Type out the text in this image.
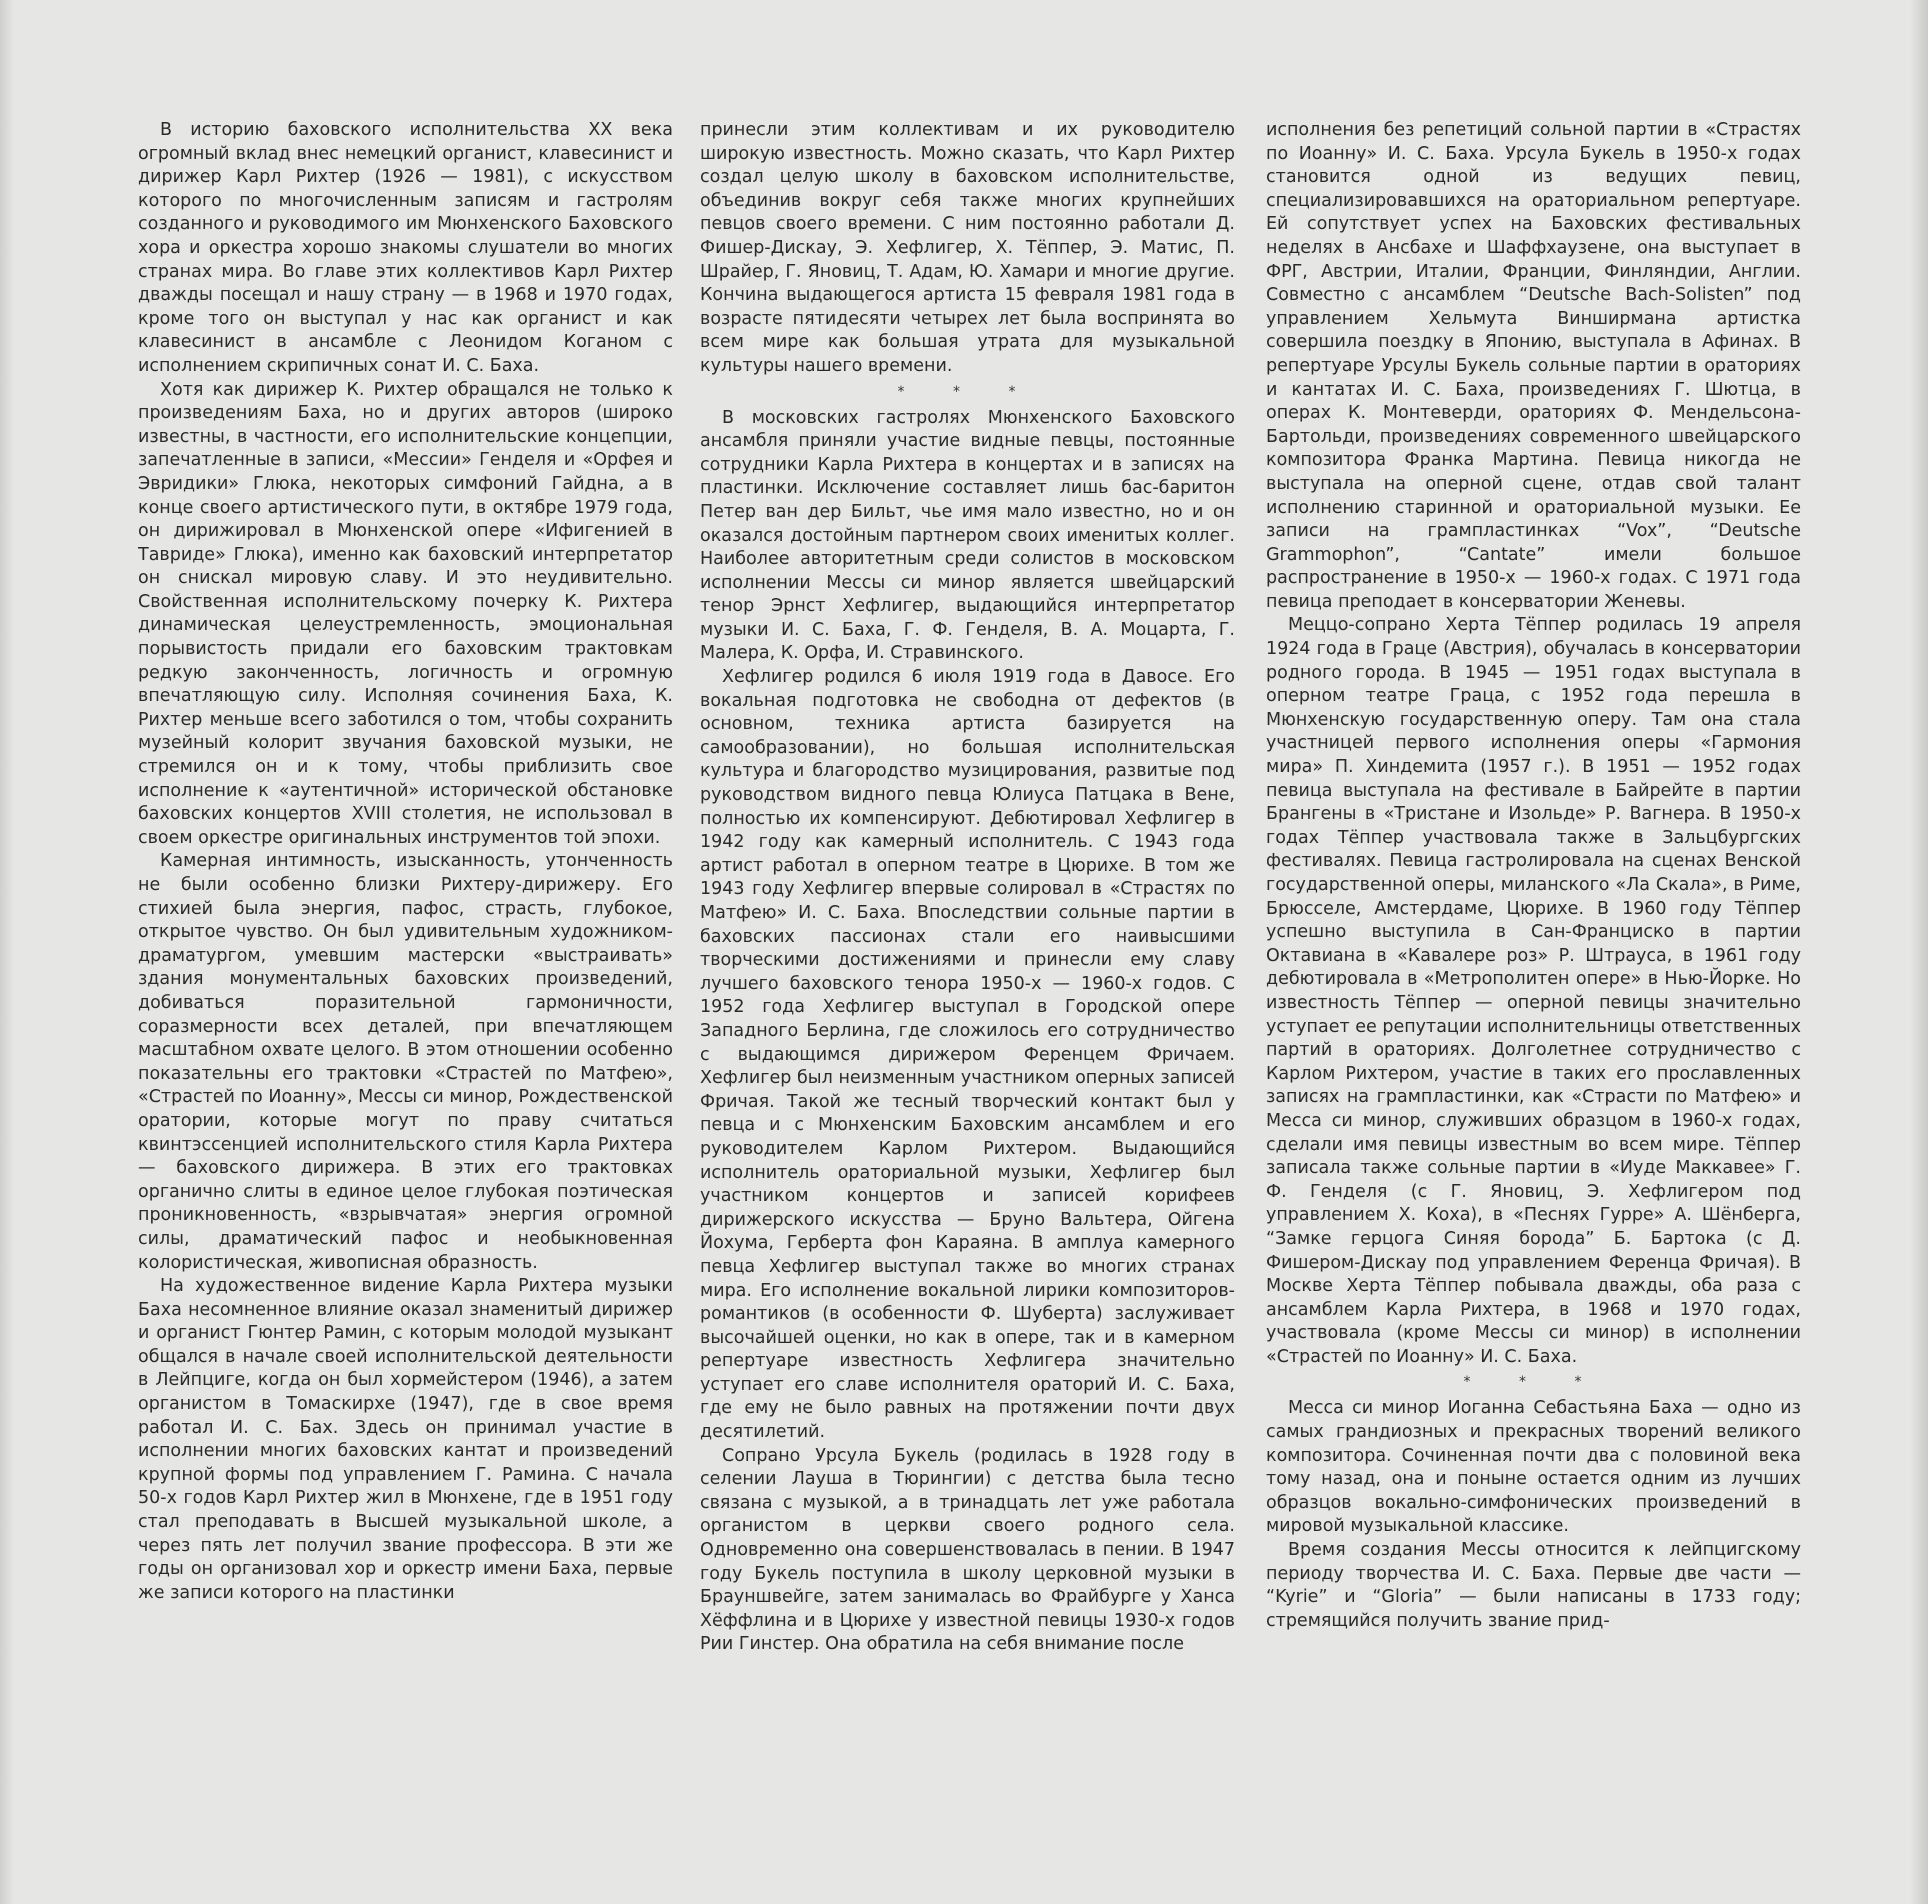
В историю баховского исполнительства XX века огромный вклад внес немецкий органист, клавесинист и дирижер Карл Рихтер (1926 — 1981), с искусством которого по многочисленным записям и гастролям созданного и руководимого им Мюнхенского Баховского хора и оркестра хорошо знакомы слушатели во многих странах мира. Во главе этих коллективов Карл Рихтер дважды посещал и нашу страну — в 1968 и 1970 годах, кроме того он выступал у нас как органист и как клавесинист в ансамбле с Леонидом Коганом с исполнением скрипичных сонат И. С. Баха.

Хотя как дирижер К. Рихтер обращался не только к произведениям Баха, но и других авторов (широко известны, в частности, его исполнительские концепции, запечатленные в записи, «Мессии» Генделя и «Орфея и Эвридики» Глюка, некоторых симфоний Гайдна, а в конце своего артистического пути, в октябре 1979 года, он дирижировал в Мюнхенской опере «Ифигенией в Тавриде» Глюка), именно как баховский интерпретатор он снискал мировую славу. И это неудивительно. Свойственная исполнительскому почерку К. Рихтера динамическая целеустремленность, эмоциональная порывистость придали его баховским трактовкам редкую законченность, логичность и огромную впечатляющую силу. Исполняя сочинения Баха, К. Рихтер меньше всего заботился о том, чтобы сохранить музейный колорит звучания баховской музыки, не стремился он и к тому, чтобы приблизить свое исполнение к «аутентичной» исторической обстановке баховских концертов XVIII столетия, не использовал в своем оркестре оригинальных инструментов той эпохи.

Камерная интимность, изысканность, утонченность не были особенно близки Рихтеру-дирижеру. Его стихией была энергия, пафос, страсть, глубокое, открытое чувство. Он был удивительным художником-драматургом, умевшим мастерски «выстраивать» здания монументальных баховских произведений, добиваться поразительной гармоничности, соразмерности всех деталей, при впечатляющем масштабном охвате целого. В этом отношении особенно показательны его трактовки «Страстей по Матфею», «Страстей по Иоанну», Мессы си минор, Рождественской оратории, которые могут по праву считаться квинтэссенцией исполнительского стиля Карла Рихтера — баховского дирижера. В этих его трактовках органично слиты в единое целое глубокая поэтическая проникновенность, «взрывчатая» энергия огромной силы, драматический пафос и необыкновенная колористическая, живописная образность.

На художественное видение Карла Рихтера музыки Баха несомненное влияние оказал знаменитый дирижер и органист Гюнтер Рамин, с которым молодой музыкант общался в начале своей исполнительской деятельности в Лейпциге, когда он был хормейстером (1946), а затем органистом в Томаскирхе (1947), где в свое время работал И. С. Бах. Здесь он принимал участие в исполнении многих баховских кантат и произведений крупной формы под управлением Г. Рамина. С начала 50-х годов Карл Рихтер жил в Мюнхене, где в 1951 году стал преподавать в Высшей музыкальной школе, а через пять лет получил звание профессора. В эти же годы он организовал хор и оркестр имени Баха, первые же записи которого на пластинки

принесли этим коллективам и их руководителю широкую известность. Можно сказать, что Карл Рихтер создал целую школу в баховском исполнительстве, объединив вокруг себя также многих крупнейших певцов своего времени. С ним постоянно работали Д. Фишер-Дискау, Э. Хефлигер, Х. Тёппер, Э. Матис, П. Шрайер, Г. Яновиц, Т. Адам, Ю. Хамари и многие другие. Кончина выдающегося артиста 15 февраля 1981 года в возрасте пятидесяти четырех лет была воспринята во всем мире как большая утрата для музыкальной культуры нашего времени.

* * *

В московских гастролях Мюнхенского Баховского ансамбля приняли участие видные певцы, постоянные сотрудники Карла Рихтера в концертах и в записях на пластинки. Исключение составляет лишь бас-баритон Петер ван дер Бильт, чье имя мало известно, но и он оказался достойным партнером своих именитых коллег. Наиболее авторитетным среди солистов в московском исполнении Мессы си минор является швейцарский тенор Эрнст Хефлигер, выдающийся интерпретатор музыки И. С. Баха, Г. Ф. Генделя, В. А. Моцарта, Г. Малера, К. Орфа, И. Стравинского.

Хефлигер родился 6 июля 1919 года в Давосе. Его вокальная подготовка не свободна от дефектов (в основном, техника артиста базируется на самообразовании), но большая исполнительская культура и благородство музицирования, развитые под руководством видного певца Юлиуса Патцака в Вене, полностью их компенсируют. Дебютировал Хефлигер в 1942 году как камерный исполнитель. С 1943 года артист работал в оперном театре в Цюрихе. В том же 1943 году Хефлигер впервые солировал в «Страстях по Матфею» И. С. Баха. Впоследствии сольные партии в баховских пассионах стали его наивысшими творческими достижениями и принесли ему славу лучшего баховского тенора 1950-х — 1960-х годов. С 1952 года Хефлигер выступал в Городской опере Западного Берлина, где сложилось его сотрудничество с выдающимся дирижером Ференцем Фричаем. Хефлигер был неизменным участником оперных записей Фричая. Такой же тесный творческий контакт был у певца и с Мюнхенским Баховским ансамблем и его руководителем Карлом Рихтером. Выдающийся исполнитель ораториальной музыки, Хефлигер был участником концертов и записей корифеев дирижерского искусства — Бруно Вальтера, Ойгена Йохума, Герберта фон Караяна. В амплуа камерного певца Хефлигер выступал также во многих странах мира. Его исполнение вокальной лирики композиторов-романтиков (в особенности Ф. Шуберта) заслуживает высочайшей оценки, но как в опере, так и в камерном репертуаре известность Хефлигера значительно уступает его славе исполнителя ораторий И. С. Баха, где ему не было равных на протяжении почти двух десятилетий.

Сопрано Урсула Букель (родилась в 1928 году в селении Лауша в Тюрингии) с детства была тесно связана с музыкой, а в тринадцать лет уже работала органистом в церкви своего родного села. Одновременно она совершенствовалась в пении. В 1947 году Букель поступила в школу церковной музыки в Брауншвейге, затем занималась во Фрайбурге у Ханса Хёффлина и в Цюрихе у известной певицы 1930-х годов Рии Гинстер. Она обратила на себя внимание после

исполнения без репетиций сольной партии в «Страстях по Иоанну» И. С. Баха. Урсула Букель в 1950-х годах становится одной из ведущих певиц, специализировавшихся на ораториальном репертуаре. Ей сопутствует успех на Баховских фестивальных неделях в Ансбахе и Шаффхаузене, она выступает в ФРГ, Австрии, Италии, Франции, Финляндии, Англии. Совместно с ансамблем “Deutsche Bach-Solisten” под управлением Хельмута Винширмана артистка совершила поездку в Японию, выступала в Афинах. В репертуаре Урсулы Букель сольные партии в ораториях и кантатах И. С. Баха, произведениях Г. Шютца, в операх К. Монтеверди, ораториях Ф. Мендельсона-Бартольди, произведениях современного швейцарского композитора Франка Мартина. Певица никогда не выступала на оперной сцене, отдав свой талант исполнению старинной и ораториальной музыки. Ее записи на грампластинках “Vox”, “Deutsche Grammophon”, “Cantate” имели большое распространение в 1950-х — 1960-х годах. С 1971 года певица преподает в консерватории Женевы.

Меццо-сопрано Херта Тёппер родилась 19 апреля 1924 года в Граце (Австрия), обучалась в консерватории родного города. В 1945 — 1951 годах выступала в оперном театре Граца, с 1952 года перешла в Мюнхенскую государственную оперу. Там она стала участницей первого исполнения оперы «Гармония мира» П. Хиндемита (1957 г.). В 1951 — 1952 годах певица выступала на фестивале в Байрейте в партии Брангены в «Тристане и Изольде» Р. Вагнера. В 1950-х годах Тёппер участвовала также в Зальцбургских фестивалях. Певица гастролировала на сценах Венской государственной оперы, миланского «Ла Скала», в Риме, Брюсселе, Амстердаме, Цюрихе. В 1960 году Тёппер успешно выступила в Сан-Франциско в партии Октавиана в «Кавалере роз» Р. Штрауса, в 1961 году дебютировала в «Метрополитен опере» в Нью-Йорке. Но известность Тёппер — оперной певицы значительно уступает ее репутации исполнительницы ответственных партий в ораториях. Долголетнее сотрудничество с Карлом Рихтером, участие в таких его прославленных записях на грампластинки, как «Страсти по Матфею» и Месса си минор, служивших образцом в 1960-х годах, сделали имя певицы известным во всем мире. Тёппер записала также сольные партии в «Иуде Маккавее» Г. Ф. Генделя (с Г. Яновиц, Э. Хефлигером под управлением Х. Коха), в «Песнях Гурре» А. Шёнберга, “Замке герцога Синяя борода” Б. Бартока (с Д. Фишером-Дискау под управлением Ференца Фричая). В Москве Херта Тёппер побывала дважды, оба раза с ансамблем Карла Рихтера, в 1968 и 1970 годах, участвовала (кроме Мессы си минор) в исполнении «Страстей по Иоанну» И. С. Баха.

* * *

Месса си минор Иоганна Себастьяна Баха — одно из самых грандиозных и прекрасных творений великого композитора. Сочиненная почти два с половиной века тому назад, она и поныне остается одним из лучших образцов вокально-симфонических произведений в мировой музыкальной классике.

Время создания Мессы относится к лейпцигскому периоду творчества И. С. Баха. Первые две части — “Kyrie” и “Gloria” — были написаны в 1733 году; стремящийся получить звание прид-
